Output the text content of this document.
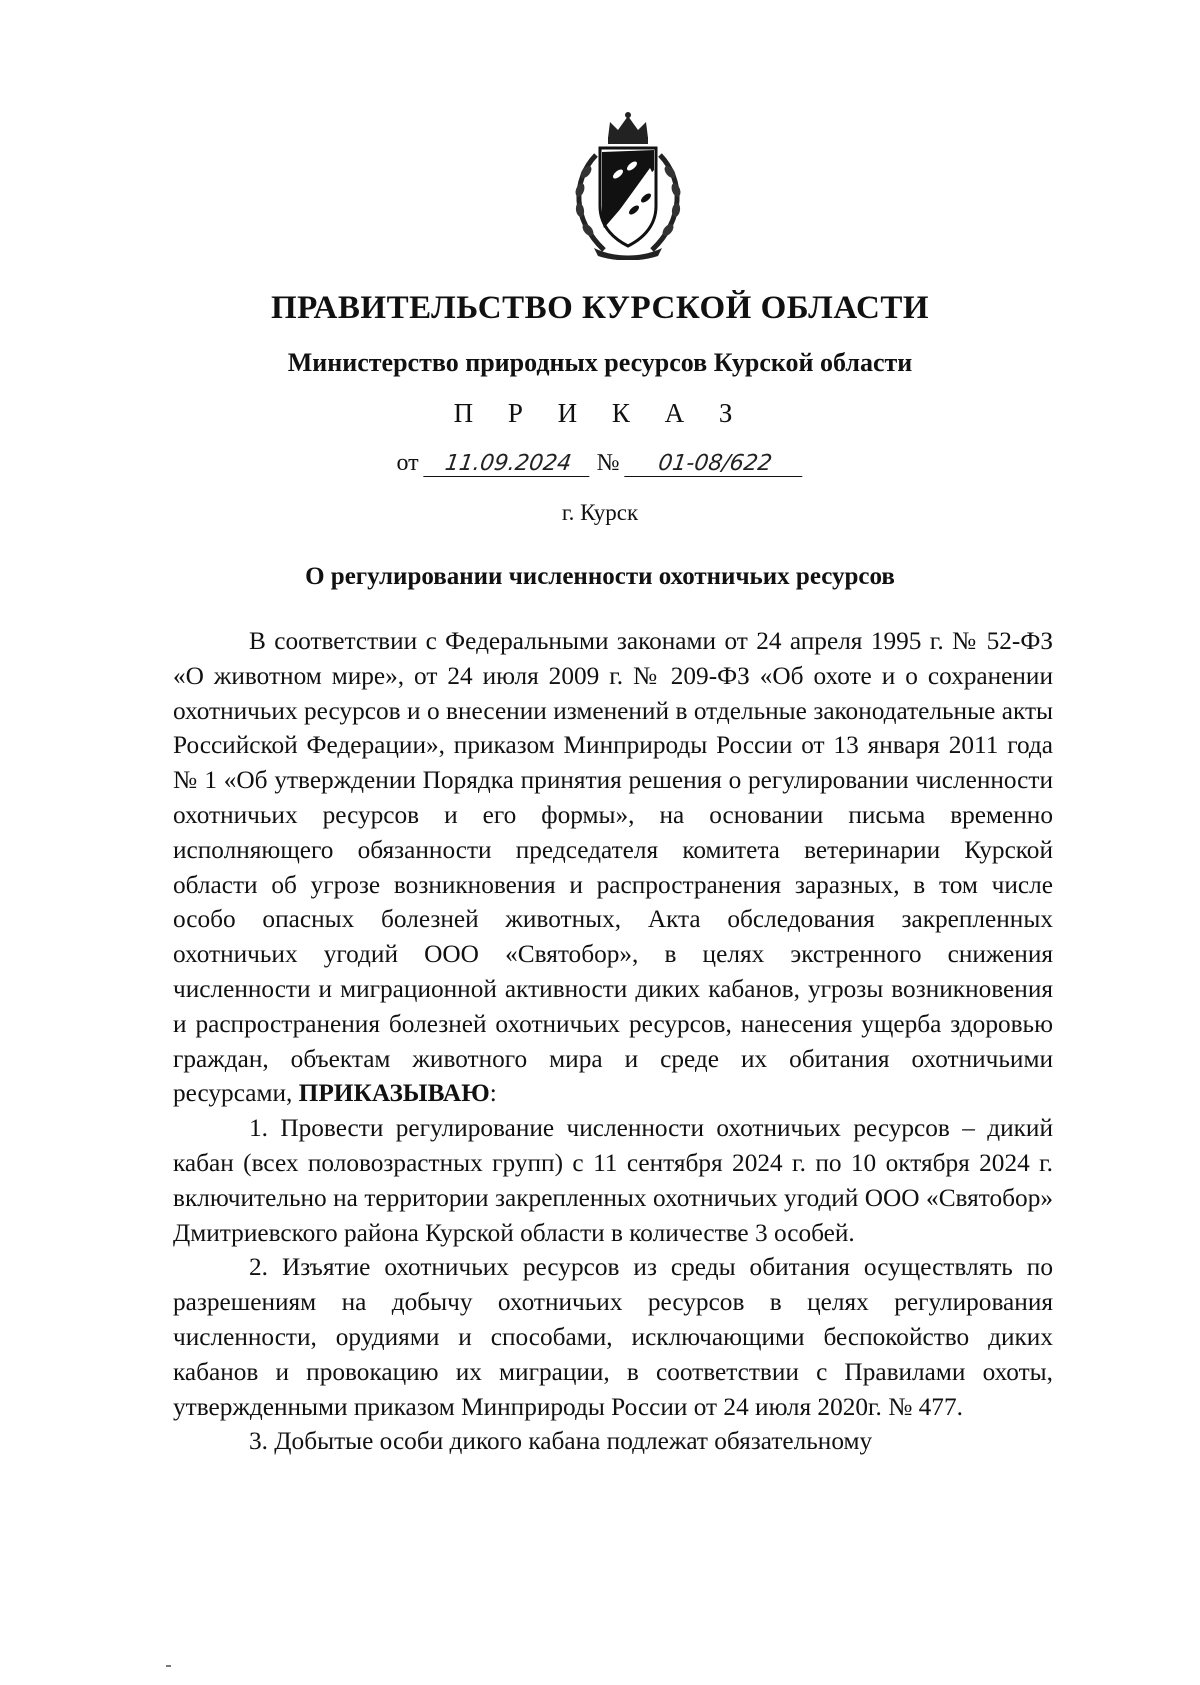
ПРАВИТЕЛЬСТВО КУРСКОЙ ОБЛАСТИ
Министерство природных ресурсов Курской области
П Р И К А З
от 11.09.2024 № 01-08/622
г. Курск
О регулировании численности охотничьих ресурсов

В соответствии с Федеральными законами от 24 апреля 1995 г. № 52-ФЗ «О животном мире», от 24 июля 2009 г. № 209-ФЗ «Об охоте и о сохранении охотничьих ресурсов и о внесении изменений в отдельные законодательные акты Российской Федерации», приказом Минприроды России от 13 января 2011 года № 1 «Об утверждении Порядка принятия решения о регулировании численности охотничьих ресурсов и его формы», на основании письма временно исполняющего обязанности председателя комитета ветеринарии Курской области об угрозе возникновения и распространения заразных, в том числе особо опасных болезней животных, Акта обследования закрепленных охотничьих угодий ООО «Святобор», в целях экстренного снижения численности и миграционной активности диких кабанов, угрозы возникновения и распространения болезней охотничьих ресурсов, нанесения ущерба здоровью граждан, объектам животного мира и среде их обитания охотничьими ресурсами, ПРИКАЗЫВАЮ:

1. Провести регулирование численности охотничьих ресурсов – дикий кабан (всех половозрастных групп) с 11 сентября 2024 г. по 10 октября 2024 г. включительно на территории закрепленных охотничьих угодий ООО «Святобор» Дмитриевского района Курской области в количестве 3 особей.

2. Изъятие охотничьих ресурсов из среды обитания осуществлять по разрешениям на добычу охотничьих ресурсов в целях регулирования численности, орудиями и способами, исключающими беспокойство диких кабанов и провокацию их миграции, в соответствии с Правилами охоты, утвержденными приказом Минприроды России от 24 июля 2020г. № 477.

3. Добытые особи дикого кабана подлежат обязательному
